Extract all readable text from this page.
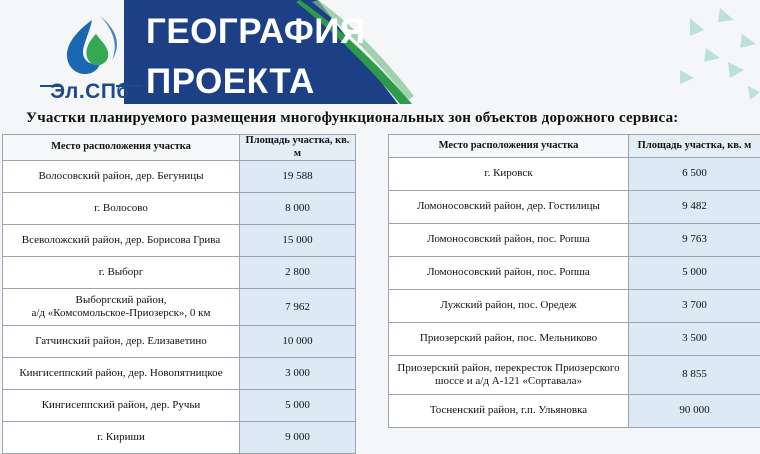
Эл.СПб
ГЕОГРАФИЯ
ПРОЕКТА
Участки планируемого размещения многофункциональных зон объектов дорожного сервиса:
Место расположения участка	Площадь участка, кв. м
Волосовский район, дер. Бегуницы	19 588
г. Волосово	8 000
Всеволожский район, дер. Борисова Грива	15 000
г. Выборг	2 800
Выборгский район,
а/д «Комсомольское-Приозерск», 0 км	7 962
Гатчинский район, дер. Елизаветино	10 000
Кингисеппский район, дер. Новопятницкое	3 000
Кингисеппский район, дер. Ручьи	5 000
г. Кириши	9 000
Место расположения участка	Площадь участка, кв. м
г. Кировск	6 500
Ломоносовский район, дер. Гостилицы	9 482
Ломоносовский район, пос. Ропша	9 763
Ломоносовский район, пос. Ропша	5 000
Лужский район, пос. Оредеж	3 700
Приозерский район, пос. Мельниково	3 500
Приозерский район, перекресток Приозерского
шоссе и а/д А-121 «Сортавала»	8 855
Тосненский район, г.п. Ульяновка	90 000
